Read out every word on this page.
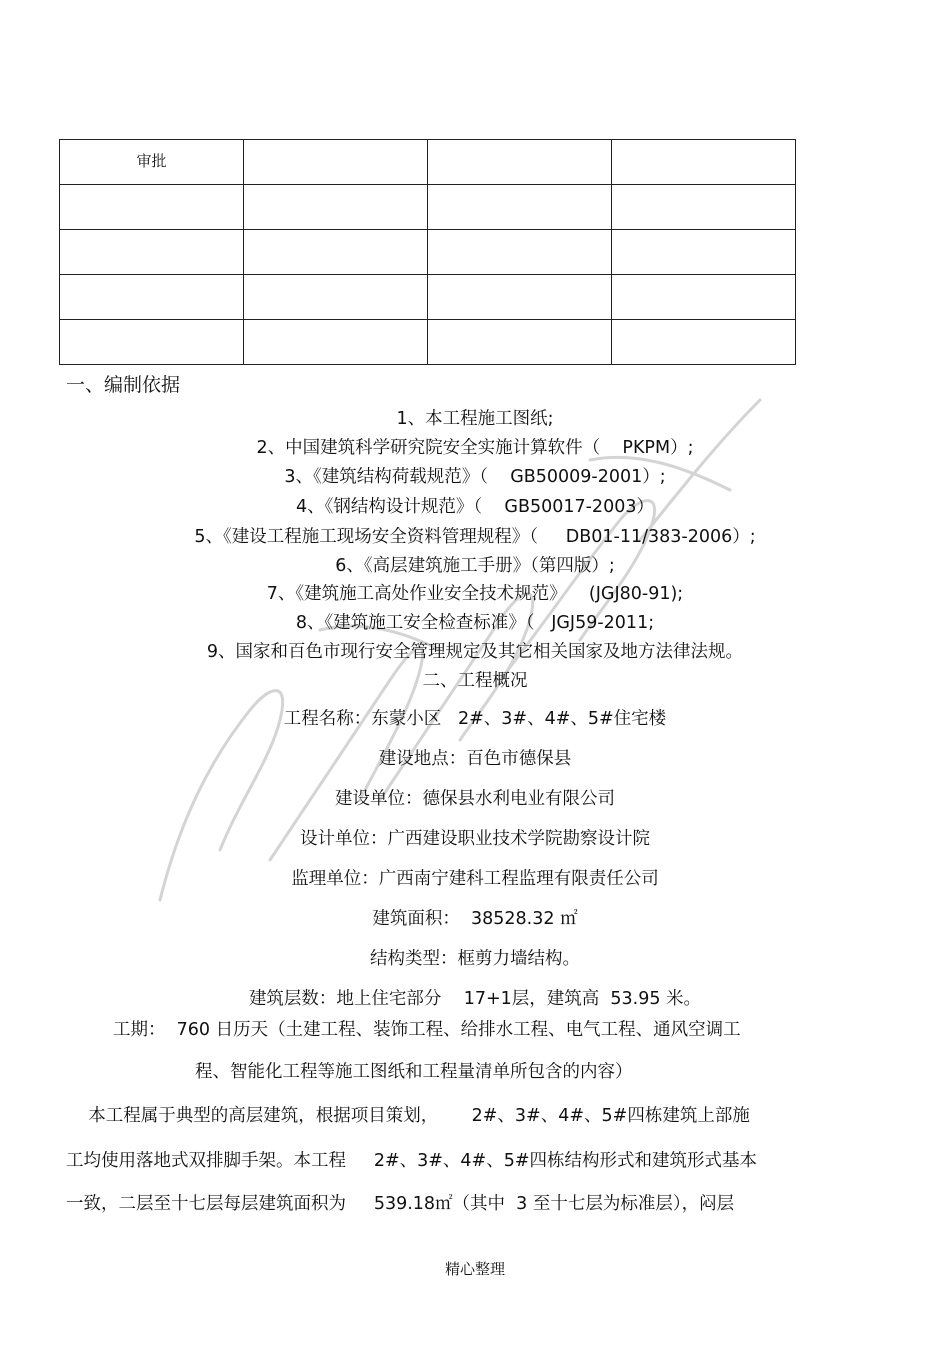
审批			

一、编制依据
1、本工程施工图纸;
2、中国建筑科学研究院安全实施计算软件（    PKPM）;
3、《建筑结构荷载规范》（    GB50009-2001）;
4、《钢结构设计规范》（    GB50017-2003）
5、《建设工程施工现场安全资料管理规程》（     DB01-11/383-2006）;
6、《高层建筑施工手册》（第四版）;
7、《建筑施工高处作业安全技术规范》    (JGJ80-91);
8、《建筑施工安全检查标准》（   JGJ59-2011;
9、国家和百色市现行安全管理规定及其它相关国家及地方法律法规。
二、工程概况
工程名称：东蒙小区   2#、3#、4#、5#住宅楼
建设地点：百色市德保县
建设单位：德保县水利电业有限公司
设计单位：广西建设职业技术学院勘察设计院
监理单位：广西南宁建科工程监理有限责任公司
建筑面积：  38528.32 ㎡
结构类型：框剪力墙结构。
建筑层数：地上住宅部分    17+1层，建筑高  53.95 米。
工期：  760 日历天（土建工程、装饰工程、给排水工程、电气工程、通风空调工
程、智能化工程等施工图纸和工程量清单所包含的内容）
本工程属于典型的高层建筑，根据项目策划，      2#、3#、4#、5#四栋建筑上部施
工均使用落地式双排脚手架。本工程     2#、3#、4#、5#四栋结构形式和建筑形式基本
一致，二层至十七层每层建筑面积为     539.18㎡（其中  3 至十七层为标准层），闷层
精心整理
